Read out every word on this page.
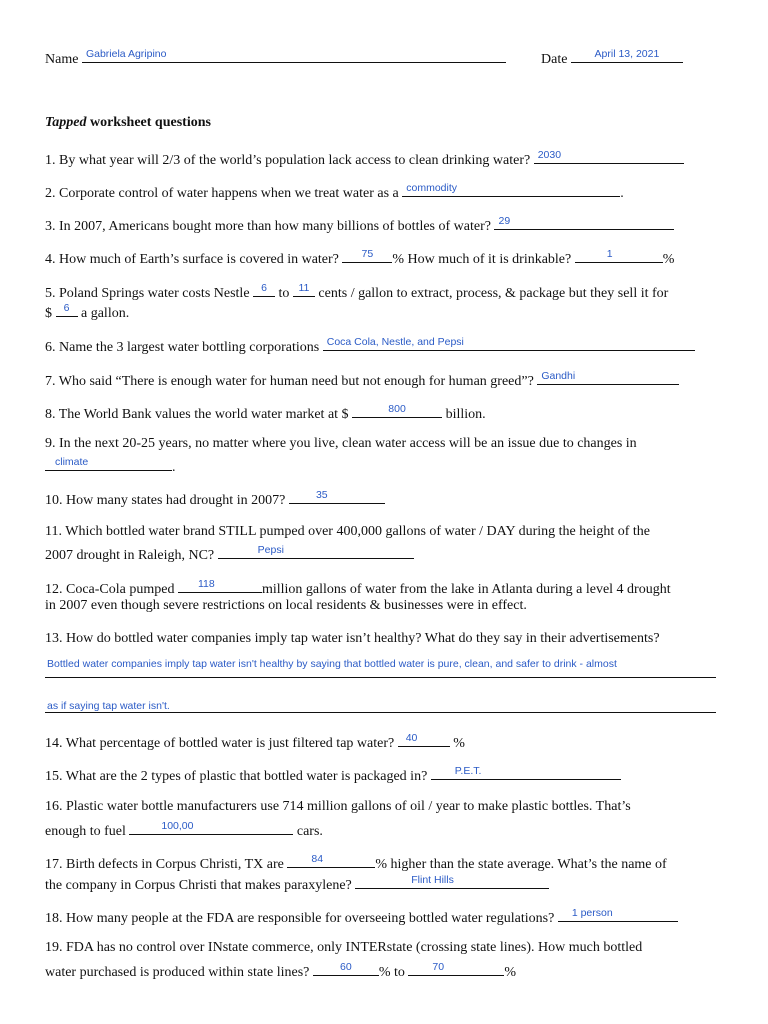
Name Gabriela Agripino	Date	April 13, 2021
Tapped worksheet questions
1. By what year will 2/3 of the world’s population lack access to clean drinking water? 2030
2. Corporate control of water happens when we treat water as a commodity	.
3. In 2007, Americans bought more than how many billions of bottles of water? 29
4. How much of Earth’s surface is covered in water?	75	% How much of it is drinkable?	1	%
5. Poland Springs water costs Nestle	6 to 11 cents / gallon to extract, process, & package but they sell it for
$	6 a gallon.
6. Name the 3 largest water bottling corporations Coca Cola, Nestle, and Pepsi
7. Who said “There is enough water for human need but not enough for human greed”? Gandhi
8. The World Bank values the world water market at $	800	billion.
9. In the next 20-25 years, no matter where you live, clean water access will be an issue due to changes in
climate	.
10. How many states had drought in 2007?	35
11. Which bottled water brand STILL pumped over 400,000 gallons of water / DAY during the height of the
2007 drought in Raleigh, NC?	Pepsi
12. Coca-Cola pumped	118	million gallons of water from the lake in Atlanta during a level 4 drought
in 2007 even though severe restrictions on local residents & businesses were in effect.
13. How do bottled water companies imply tap water isn’t healthy? What do they say in their advertisements?
Bottled water companies imply tap water isn't healthy by saying that bottled water is pure, clean, and safer to drink - almost
as if saying tap water isn't.
14. What percentage of bottled water is just filtered tap water?	40	%
15. What are the 2 types of plastic that bottled water is packaged in?	P.E.T.
16. Plastic water bottle manufacturers use 714 million gallons of oil / year to make plastic bottles. That’s
enough to fuel	100,00	cars.
17. Birth defects in Corpus Christi, TX are	84	% higher than the state average. What’s the name of
the company in Corpus Christi that makes paraxylene?	Flint Hills
18. How many people at the FDA are responsible for overseeing bottled water regulations?	1 person
19. FDA has no control over INstate commerce, only INTERstate (crossing state lines). How much bottled
water purchased is produced within state lines?	60	% to	70	%
